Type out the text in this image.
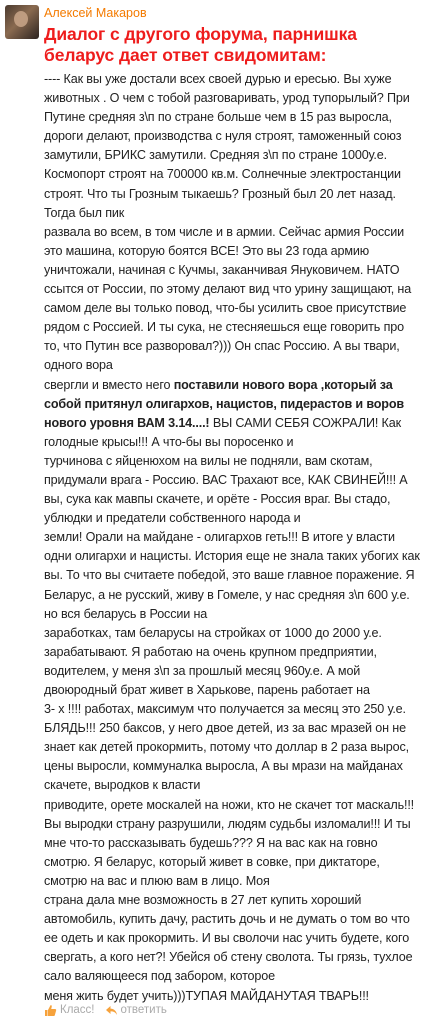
Алексей Макаров
Диалог с другого форума, парнишка беларус дает ответ свидомитам:
---- Как вы уже достали всех своей дурью и ересью. Вы хуже
животных . О чем с тобой разговаривать, урод тупорылый? При
Путине средняя з\п по стране больше чем в 15 раз выросла,
дороги делают, производства с нуля строят, таможенный союз
замутили, БРИКС замутили. Средняя з\п по стране 1000у.е.
Космопорт строят на 700000 кв.м. Солнечные электростанции
строят. Что ты Грозным тыкаешь? Грозный был 20 лет назад.
Тогда был пик
развала во всем, в том числе и в армии. Сейчас армия России
это машина, которую боятся ВСЕ! Это вы 23 года армию
уничтожали, начиная с Кучмы, заканчивая Януковичем. НАТО
ссытся от России, по этому делают вид что урину защищают, на
самом деле вы только повод, что-бы усилить свое присутствие
рядом с Россией. И ты сука, не стесняешься еще говорить про
то, что Путин все разворовал?))) Он спас Россию. А вы твари,
одного вора
свергли и вместо него поставили нового вора ,который за
собой притянул олигархов, нацистов, пидерастов и воров
нового уровня ВАМ 3.14....! ВЫ САМИ СЕБЯ СОЖРАЛИ! Как
голодные крысы!!! А что-бы вы поросенко и
турчинова с яйценюхом на вилы не подняли, вам скотам,
придумали врага - Россию. ВАС Трахают все, КАК СВИНЕЙ!!! А
вы, сука как мавпы скачете, и орёте - Россия враг. Вы стадо,
ублюдки и предатели собственного народа и
земли! Орали на майдане - олигархов геть!!! В итоге у власти
одни олигархи и нацисты. История еще не знала таких убогих как
вы. То что вы считаете победой, это ваше главное поражение. Я
Беларус, а не русский, живу в Гомеле, у нас средняя з\п 600 у.е.
но вся беларусь в России на
заработках, там беларусы на стройках от 1000 до 2000 у.е.
зарабатывают. Я работаю на очень крупном предприятии,
водителем, у меня з\п за прошлый месяц 960у.е. А мой
двоюродный брат живет в Харькове, парень работает на
3- х !!!! работах, максимум что получается за месяц это 250 у.е.
БЛЯДЬ!!! 250 баксов, у него двое детей, из за вас мразей он не
знает как детей прокормить, потому что доллар в 2 раза вырос,
цены выросли, коммуналка выросла, А вы мрази на майданах
скачете, выродков к власти
приводите, орете москалей на ножи, кто не скачет тот маскаль!!!
Вы выродки страну разрушили, людям судьбы изломали!!! И ты
мне что-то рассказывать будешь??? Я на вас как на говно
смотрю. Я беларус, который живет в совке, при диктаторе,
смотрю на вас и плюю вам в лицо. Моя
страна дала мне возможность в 27 лет купить хороший
автомобиль, купить дачу, растить дочь и не думать о том во что
ее одеть и как прокормить. И вы сволочи нас учить будете, кого
свергать, а кого нет?! Убейся об стену сволота. Ты грязь, тухлое
сало валяющееся под забором, которое
меня жить будет учить)))ТУПАЯ МАЙДАНУТАЯ ТВАРЬ!!!
Класс! ответить
